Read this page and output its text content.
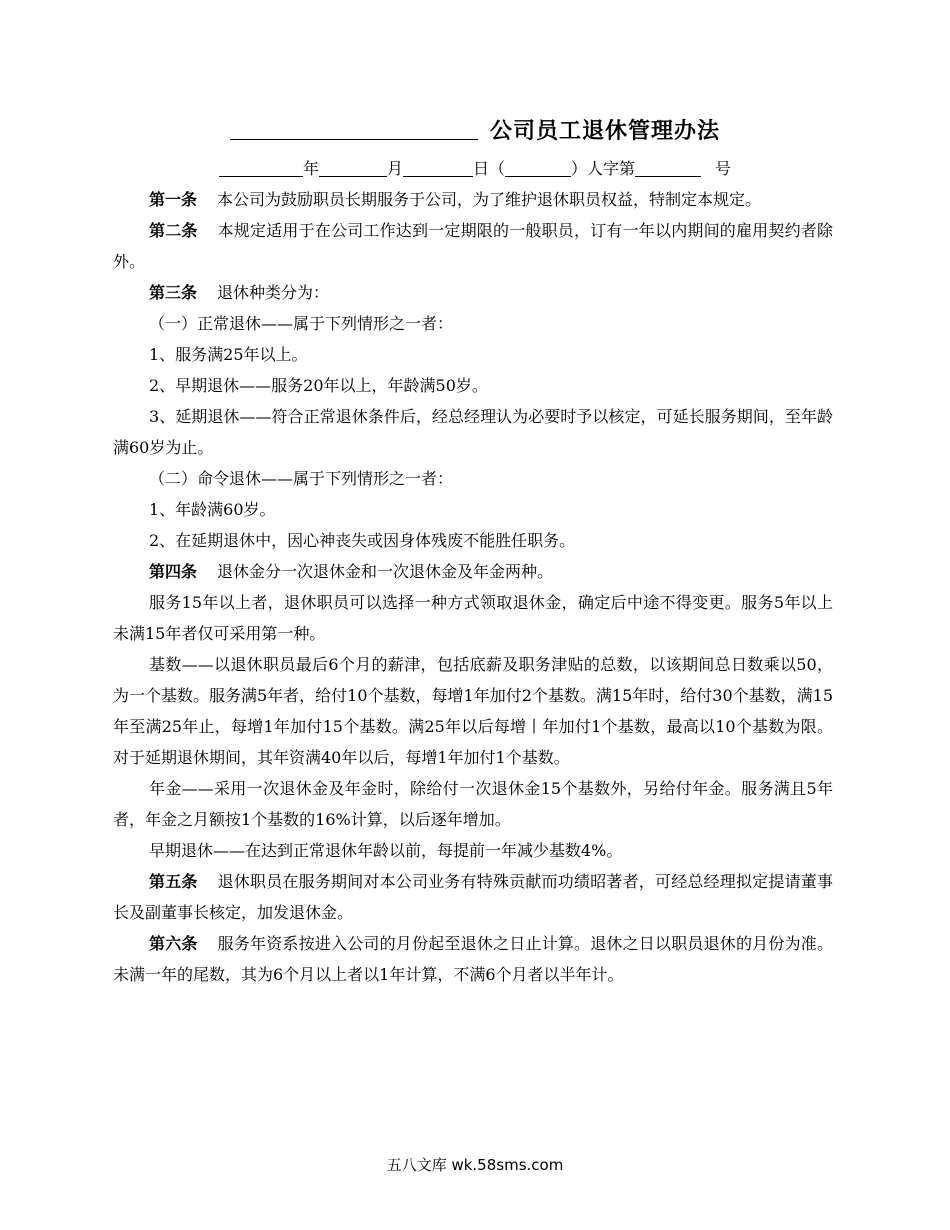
公司员工退休管理办法
年	月	日（	）人字第	号

第一条 本公司为鼓励职员长期服务于公司，为了维护退休职员权益，特制定本规定。

第二条 本规定适用于在公司工作达到一定期限的一般职员，订有一年以内期间的雇用契约者除外。

第三条 退休种类分为：

（一）正常退休——属于下列情形之一者：

1、服务满25年以上。

2、早期退休——服务20年以上，年龄满50岁。

3、延期退休——符合正常退休条件后，经总经理认为必要时予以核定，可延长服务期间，至年龄满60岁为止。

（二）命令退休——属于下列情形之一者：

1、年龄满60岁。

2、在延期退休中，因心神丧失或因身体残废不能胜任职务。

第四条 退休金分一次退休金和一次退休金及年金两种。

服务15年以上者，退休职员可以选择一种方式领取退休金，确定后中途不得变更。服务5年以上未满15年者仅可采用第一种。

基数——以退休职员最后6个月的薪津，包括底薪及职务津贴的总数，以该期间总日数乘以50，为一个基数。服务满5年者，给付10个基数，每增1年加付2个基数。满15年时，给付30个基数，满15年至满25年止，每增1年加付15个基数。满25年以后每增丨年加付1个基数，最高以10个基数为限。对于延期退休期间，其年资满40年以后，每增1年加付1个基数。

年金——采用一次退休金及年金时，除给付一次退休金15个基数外，另给付年金。服务满且5年者，年金之月额按1个基数的16%计算，以后逐年增加。

早期退休——在达到正常退休年龄以前，每提前一年减少基数4%。

第五条 退休职员在服务期间对本公司业务有特殊贡献而功绩昭著者，可经总经理拟定提请董事长及副董事长核定，加发退休金。

第六条 服务年资系按进入公司的月份起至退休之日止计算。退休之日以职员退休的月份为准。未满一年的尾数，其为6个月以上者以1年计算，不满6个月者以半年计。

五八文库 wk.58sms.com
